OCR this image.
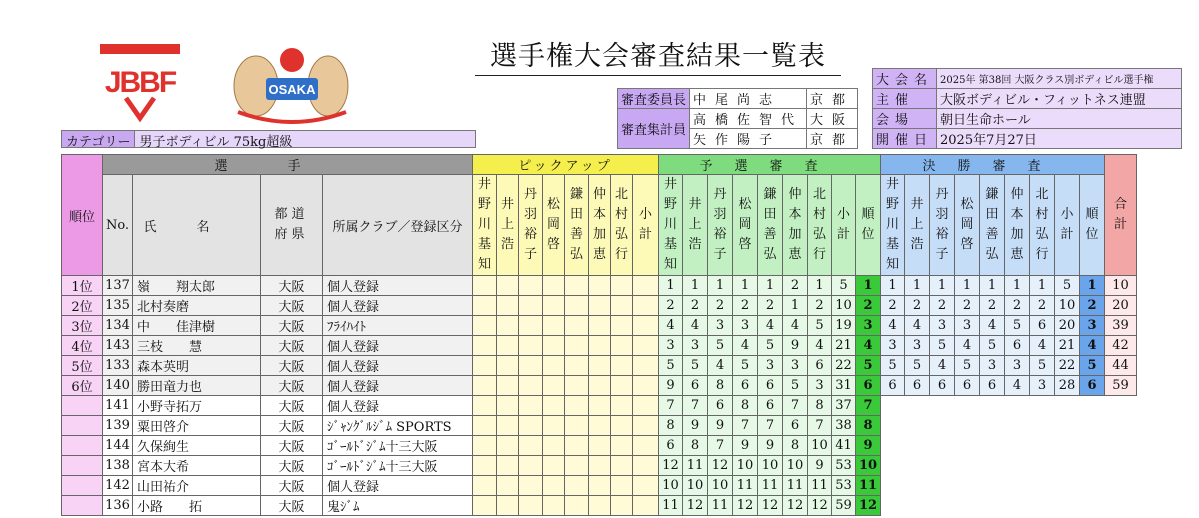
JBBF	OSAKA
選手権大会審査結果一覧表
審査委員長	中尾尚志	京都
審査集計員	高橋佐智代	大阪
	矢作陽子	京都
大会名	2025年 第38回 大阪クラス別ボディビル選手権
主催	大阪ボディビル・フィットネス連盟
会場	朝日生命ホール
開催日	2025年7月27日
カテゴリー 男子ボディビル 75kg超級
順位	選手				ピックアップ								予選審査									決勝審査									合計

	No.	氏名	都道府県	所属クラブ／登録区分	井野川基知	井上浩	丹羽裕子	松岡啓	鎌田善弘	仲本加恵	北村弘行	小計	井野川基知	井上浩	丹羽裕子	松岡啓	鎌田善弘	仲本加恵	北村弘行	小計	順位	井野川基知	井上浩	丹羽裕子	松岡啓	鎌田善弘	仲本加恵	北村弘行	小計	順位	

1位	137	嶺　　翔太郎	大阪	個人登録									1	1	1	1	1	2	1	5	1	1	1	1	1	1	1	1	5	1	10
2位	135	北村奏磨	大阪	個人登録									2	2	2	2	2	1	2	10	2	2	2	2	2	2	2	2	10	2	20
3位	134	中　　佳津樹	大阪	ﾌﾗｲﾊｲﾄ									4	4	3	3	4	4	5	19	3	4	4	3	3	4	5	6	20	3	39
4位	143	三枝　　慧	大阪	個人登録									3	3	5	4	5	9	4	21	4	3	3	5	4	5	6	4	21	4	42
5位	133	森本英明	大阪	個人登録									5	5	4	5	3	3	6	22	5	5	5	4	5	3	3	5	22	5	44
6位	140	勝田竜力也	大阪	個人登録									9	6	8	6	6	5	3	31	6	6	6	6	6	6	4	3	28	6	59
	141	小野寺拓万	大阪	個人登録									7	7	6	8	6	7	8	37	7										
	139	粟田啓介	大阪	ｼﾞｬﾝｸﾞﾙｼﾞﾑ SPORTS									8	9	9	7	7	6	7	38	8										
	144	久保絢生	大阪	ｺﾞｰﾙﾄﾞｼﾞﾑ十三大阪									6	8	7	9	9	8	10	41	9										
	138	宮本大希	大阪	ｺﾞｰﾙﾄﾞｼﾞﾑ十三大阪									12	11	12	10	10	10	9	53	10										
	142	山田祐介	大阪	個人登録									10	10	10	11	11	11	11	53	11										
	136	小路　　拓	大阪	鬼ｼﾞﾑ									11	12	11	12	12	12	12	59	12										
